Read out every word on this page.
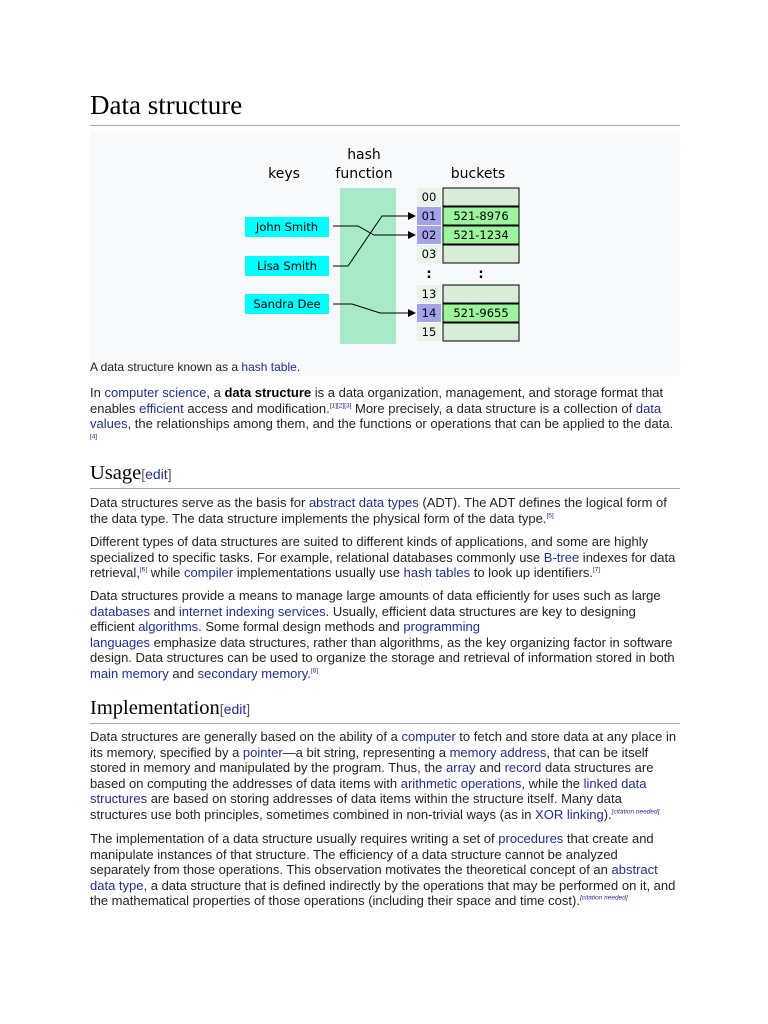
Data structure
hash
function
keys	buckets
John Smith
Lisa Smith
Sandra Dee
00
01
02
03
:
13
14
15
521-8976
521-1234
:
521-9655
A data structure known as a hash table.

In computer science, a data structure is a data organization, management, and storage format that enables efficient access and modification.[1][2][3] More precisely, a data structure is a collection of data values, the relationships among them, and the functions or operations that can be applied to the data.[4]

Usage[edit]

Data structures serve as the basis for abstract data types (ADT). The ADT defines the logical form of the data type. The data structure implements the physical form of the data type.[5]

Different types of data structures are suited to different kinds of applications, and some are highly specialized to specific tasks. For example, relational databases commonly use B-tree indexes for data retrieval,[6] while compiler implementations usually use hash tables to look up identifiers.[7]

Data structures provide a means to manage large amounts of data efficiently for uses such as large databases and internet indexing services. Usually, efficient data structures are key to designing efficient algorithms. Some formal design methods and programming
languages emphasize data structures, rather than algorithms, as the key organizing factor in software design. Data structures can be used to organize the storage and retrieval of information stored in both main memory and secondary memory.[8]

Implementation[edit]

Data structures are generally based on the ability of a computer to fetch and store data at any place in its memory, specified by a pointer—a bit string, representing a memory address, that can be itself stored in memory and manipulated by the program. Thus, the array and record data structures are based on computing the addresses of data items with arithmetic operations, while the linked data structures are based on storing addresses of data items within the structure itself. Many data structures use both principles, sometimes combined in non-trivial ways (as in XOR linking).[citation needed]

The implementation of a data structure usually requires writing a set of procedures that create and manipulate instances of that structure. The efficiency of a data structure cannot be analyzed separately from those operations. This observation motivates the theoretical concept of an abstract data type, a data structure that is defined indirectly by the operations that may be performed on it, and the mathematical properties of those operations (including their space and time cost).[citation needed]
